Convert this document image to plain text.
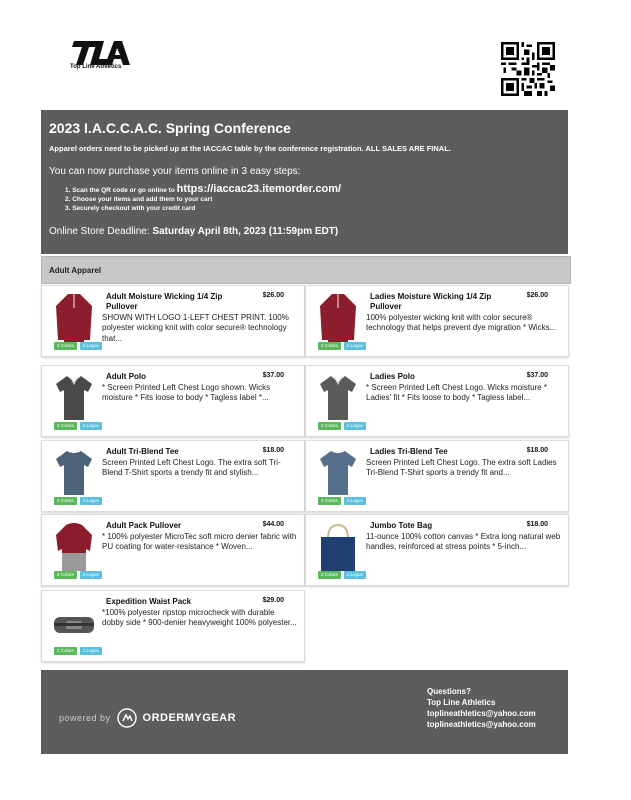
Top Line Athletics
2023 I.A.C.C.A.C. Spring Conference
Apparel orders need to be picked up at the IACCAC table by the conference registration. ALL SALES ARE FINAL.
You can now purchase your items online in 3 easy steps:
1. Scan the QR code or go online to https://iaccac23.itemorder.com/
2. Choose your items and add them to your cart
3. Securely checkout with your credit card
Online Store Deadline: Saturday April 8th, 2023 (11:59pm EDT)
Adult Apparel
Adult Moisture Wicking 1/4 Zip Pullover
$26.00
SHOWN WITH LOGO 1-LEFT CHEST PRINT. 100% polyester wicking knit with color secure® technology that...
3 Colors	2 Logos
Ladies Moisture Wicking 1/4 Zip Pullover
$26.00
100% polyester wicking knit with color secure® technology that helps prevent dye migration * Wicks...
3 Colors	2 Logos
Adult Polo	$37.00
* Screen Printed Left Chest Logo shown. Wicks moisture * Fits loose to body * Tagless label *...
3 Colors	2 Logos
Ladies Polo	$37.00
* Screen Printed Left Chest Logo. Wicks moisture * Ladies' fit * Fits loose to body * Tagless label...
3 Colors	2 Logos
Adult Tri-Blend Tee	$18.00
Screen Printed Left Chest Logo. The extra soft Tri-Blend T-Shirt sports a trendy fit and stylish...
3 Colors	2 Logos
Ladies Tri-Blend Tee	$18.00
Screen Printed Left Chest Logo. The extra soft Ladies Tri-Blend T-Shirt sports a trendy fit and...
3 Colors	2 Logos
Adult Pack Pullover	$44.00
* 100% polyester MicroTec soft micro denier fabric with PU coating for water-resistance * Woven...
2 Colors	2 Logos
Jumbo Tote Bag	$18.00
11-ounce 100% cotton canvas * Extra long natural web handles, reinforced at stress points * 5-inch...
2 Colors	2 Logos
Expedition Waist Pack	$29.00
*100% polyester ripstop microcheck with durable dobby side * 900-denier heavyweight 100% polyester...
2 Colors	2 Logos
powered by	ORDERMYGEAR
Questions?
Top Line Athletics
toplineathletics@yahoo.com
toplineathletics@yahoo.com
